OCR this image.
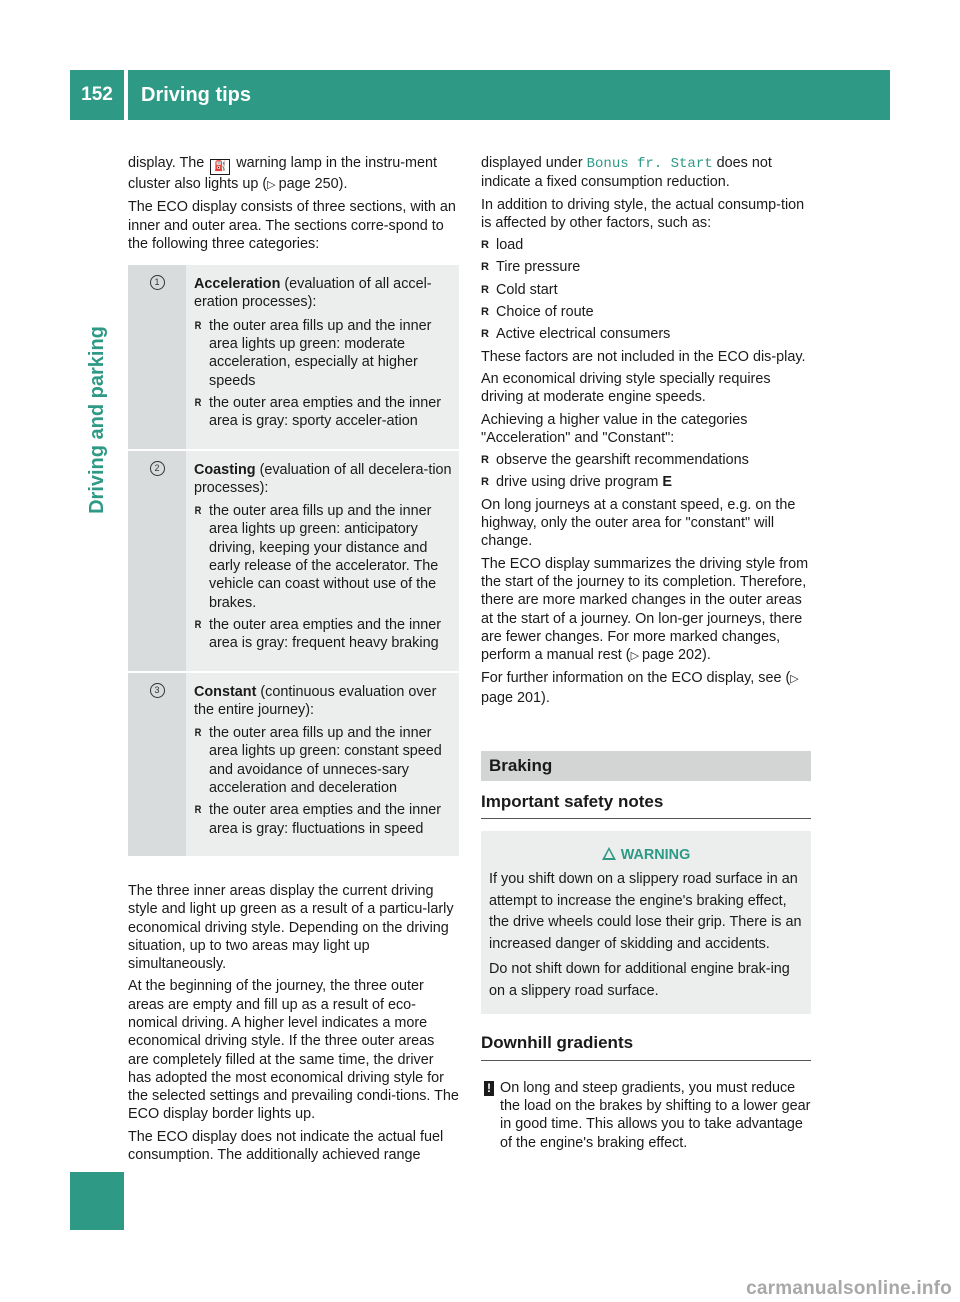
152	Driving tips
Driving and parking

display. The ⛽ warning lamp in the instru-ment cluster also lights up (▷ page 250).

The ECO display consists of three sections, with an inner and outer area. The sections corre-spond to the following three categories:

1	Acceleration (evaluation of all accel-eration processes):

R the outer area fills up and the inner area lights up green: moderate acceleration, especially at higher speeds
R the outer area empties and the inner area is gray: sporty acceler-ation
2	Coasting (evaluation of all decelera-tion processes):

R the outer area fills up and the inner area lights up green: anticipatory driving, keeping your distance and early release of the accelerator. The vehicle can coast without use of the brakes.
R the outer area empties and the inner area is gray: frequent heavy braking
3	Constant (continuous evaluation over the entire journey):

R the outer area fills up and the inner area lights up green: constant speed and avoidance of unneces-sary acceleration and deceleration
R the outer area empties and the inner area is gray: fluctuations in speed

The three inner areas display the current driving style and light up green as a result of a particu-larly economical driving style. Depending on the driving situation, up to two areas may light up simultaneously.

At the beginning of the journey, the three outer areas are empty and fill up as a result of eco-nomical driving. A higher level indicates a more economical driving style. If the three outer areas are completely filled at the same time, the driver has adopted the most economical driving style for the selected settings and prevailing condi-tions. The ECO display border lights up.

The ECO display does not indicate the actual fuel consumption. The additionally achieved range

displayed under Bonus fr. Start does not indicate a fixed consumption reduction.

In addition to driving style, the actual consump-tion is affected by other factors, such as:

R load
R Tire pressure
R Cold start
R Choice of route
R Active electrical consumers

These factors are not included in the ECO dis-play.

An economical driving style specially requires driving at moderate engine speeds.

Achieving a higher value in the categories "Acceleration" and "Constant":

R observe the gearshift recommendations
R drive using drive program E

On long journeys at a constant speed, e.g. on the highway, only the outer area for "constant" will change.

The ECO display summarizes the driving style from the start of the journey to its completion. Therefore, there are more marked changes in the outer areas at the start of a journey. On lon-ger journeys, there are fewer changes. For more marked changes, perform a manual rest (▷ page 202).

For further information on the ECO display, see (▷page 201).

Braking
Important safety notes
WARNING

If you shift down on a slippery road surface in an attempt to increase the engine's braking effect, the drive wheels could lose their grip. There is an increased danger of skidding and accidents.

Do not shift down for additional engine brak-ing on a slippery road surface.

Downhill gradients
! On long and steep gradients, you must reduce the load on the brakes by shifting to a lower gear in good time. This allows you to take advantage of the engine's braking effect.

carmanualsonline.info
